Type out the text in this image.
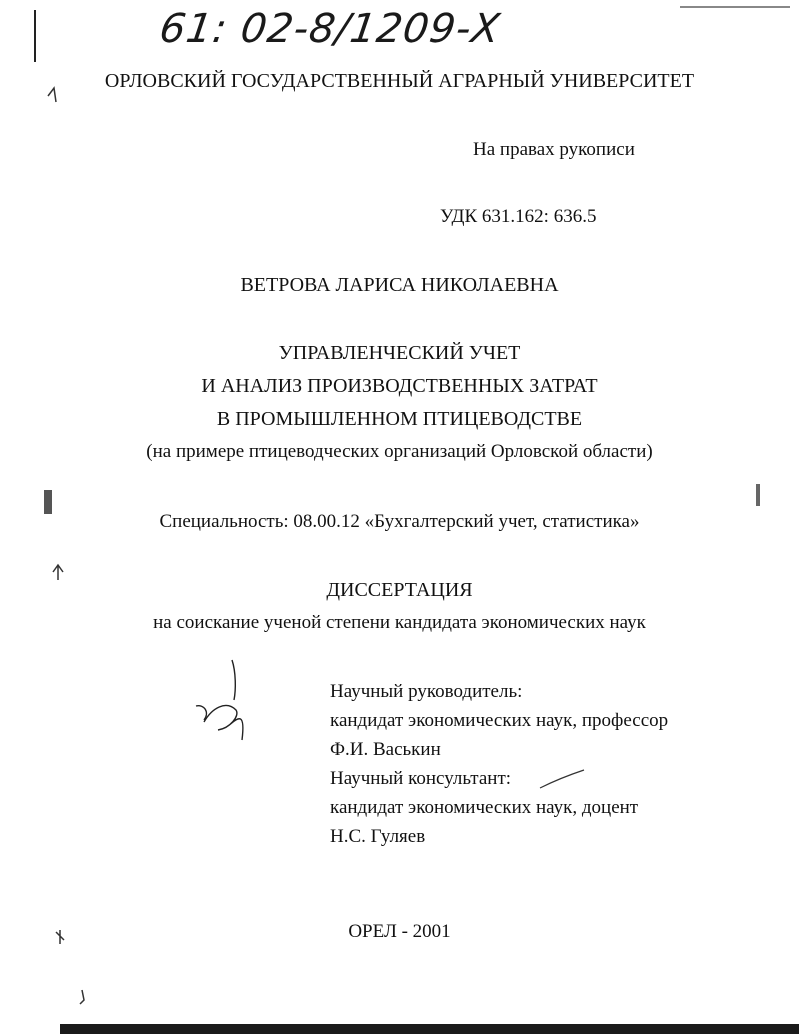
61: 02-8/1209-Х
ОРЛОВСКИЙ ГОСУДАРСТВЕННЫЙ АГРАРНЫЙ УНИВЕРСИТЕТ
На правах рукописи
УДК 631.162: 636.5
ВЕТРОВА ЛАРИСА НИКОЛАЕВНА
УПРАВЛЕНЧЕСКИЙ УЧЕТ
И АНАЛИЗ ПРОИЗВОДСТВЕННЫХ ЗАТРАТ
В ПРОМЫШЛЕННОМ ПТИЦЕВОДСТВЕ
(на примере птицеводческих организаций Орловской области)
Специальность: 08.00.12 «Бухгалтерский учет, статистика»
ДИССЕРТАЦИЯ
на соискание ученой степени кандидата экономических наук
Научный руководитель:
кандидат экономических наук, профессор
Ф.И. Васькин
Научный консультант:
кандидат экономических наук, доцент
Н.С. Гуляев
ОРЕЛ - 2001
